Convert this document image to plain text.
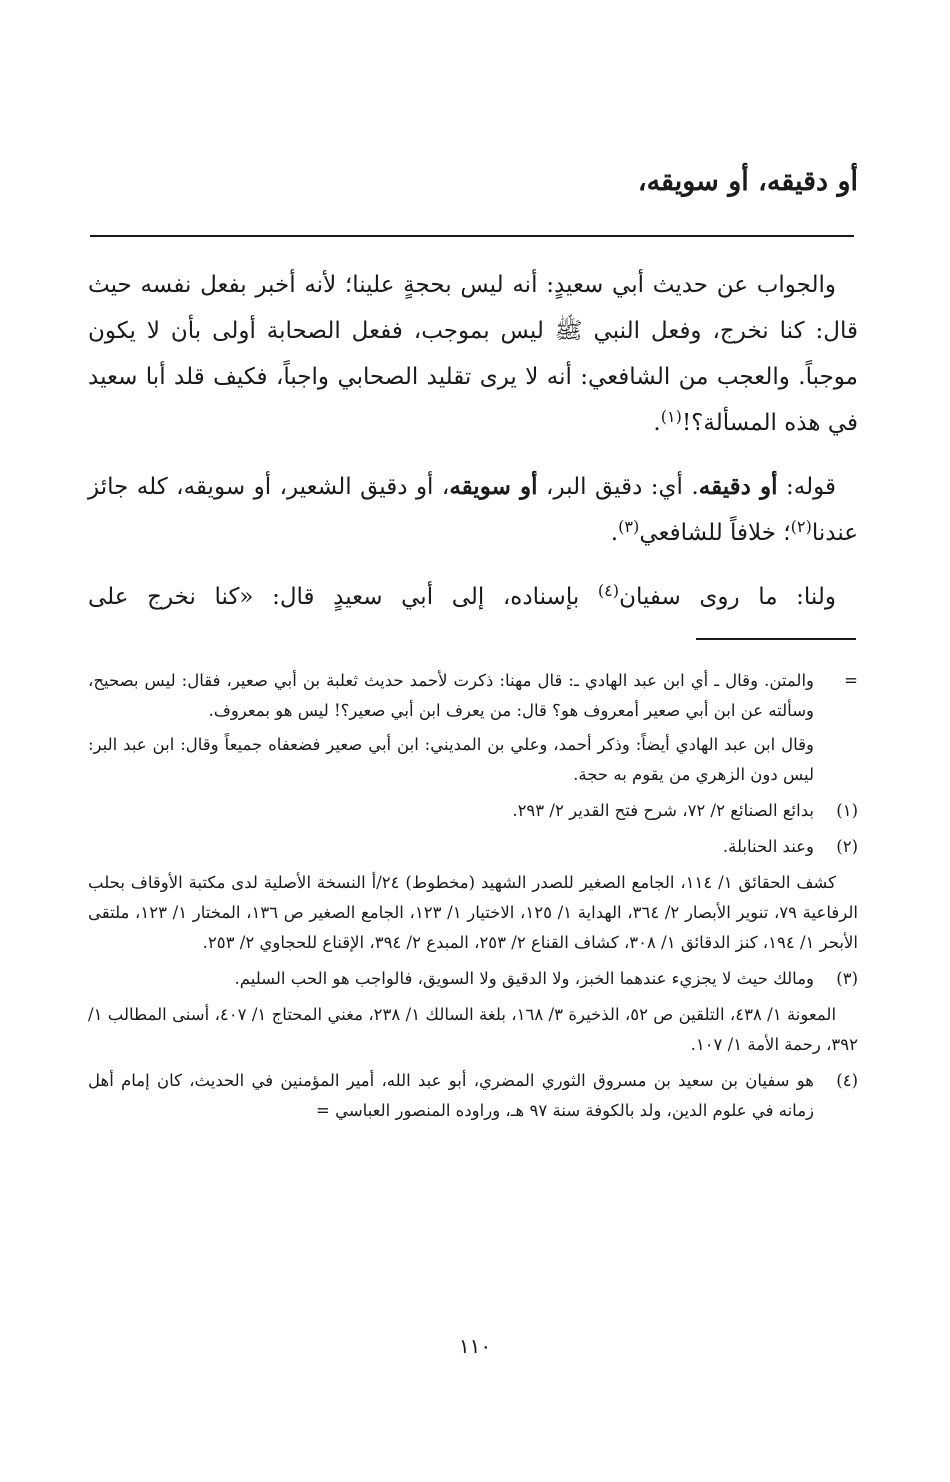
أو دقيقه، أو سويقه،

والجواب عن حديث أبي سعيدٍ: أنه ليس بحجةٍ علينا؛ لأنه أخبر بفعل نفسه حيث قال: كنا نخرج، وفعل النبي ﷺ ليس بموجب، ففعل الصحابة أولى بأن لا يكون موجباً. والعجب من الشافعي: أنه لا يرى تقليد الصحابي واجباً، فكيف قلد أبا سعيد في هذه المسألة؟!$^{(١)}$.

قوله: أو دقيقه. أي: دقيق البر، أو سويقه، أو دقيق الشعير، أو سويقه، كله جائز عندنا$^{(٢)}$؛ خلافاً للشافعي$^{(٣)}$.

ولنا: ما روى سفيان$^{(٤)}$ بإسناده، إلى أبي سعيدٍ قال: «كنا نخرج على

=

والمتن. وقال ـ أي ابن عبد الهادي ـ: قال مهنا: ذكرت لأحمد حديث ثعلبة بن أبي صعير، فقال: ليس بصحيح، وسألته عن ابن أبي صعير أمعروف هو؟ قال: من يعرف ابن أبي صعير؟! ليس هو بمعروف.

وقال ابن عبد الهادي أيضاً: وذكر أحمد، وعلي بن المديني: ابن أبي صعير فضعفاه جميعاً وقال: ابن عبد البر: ليس دون الزهري من يقوم به حجة.

(١)

بدائع الصنائع ٢/ ٧٢، شرح فتح القدير ٢/ ٢٩٣.

(٢)

وعند الحنابلة.

كشف الحقائق ١/ ١١٤، الجامع الصغير للصدر الشهيد (مخطوط) ٢٤/أ النسخة الأصلية لدى مكتبة الأوقاف بحلب الرفاعية ٧٩، تنوير الأبصار ٢/ ٣٦٤، الهداية ١/ ١٢٥، الاختيار ١/ ١٢٣، الجامع الصغير ص ١٣٦، المختار ١/ ١٢٣، ملتقى الأبحر ١/ ١٩٤، كنز الدقائق ١/ ٣٠٨، كشاف القناع ٢/ ٢٥٣، المبدع ٢/ ٣٩٤، الإقناع للحجاوي ٢/ ٢٥٣.

(٣)

ومالك حيث لا يجزيء عندهما الخبز، ولا الدقيق ولا السويق، فالواجب هو الحب السليم.

المعونة ١/ ٤٣٨، التلقين ص ٥٢، الذخيرة ٣/ ١٦٨، بلغة السالك ١/ ٢٣٨، مغني المحتاج ١/ ٤٠٧، أسنى المطالب ١/ ٣٩٢، رحمة الأمة ١/ ١٠٧.

(٤)

هو سفيان بن سعيد بن مسروق الثوري المضري، أبو عبد الله، أمير المؤمنين في الحديث، كان إمام أهل زمانه في علوم الدين، ولد بالكوفة سنة ٩٧ هـ، وراوده المنصور العباسي =

١١٠
